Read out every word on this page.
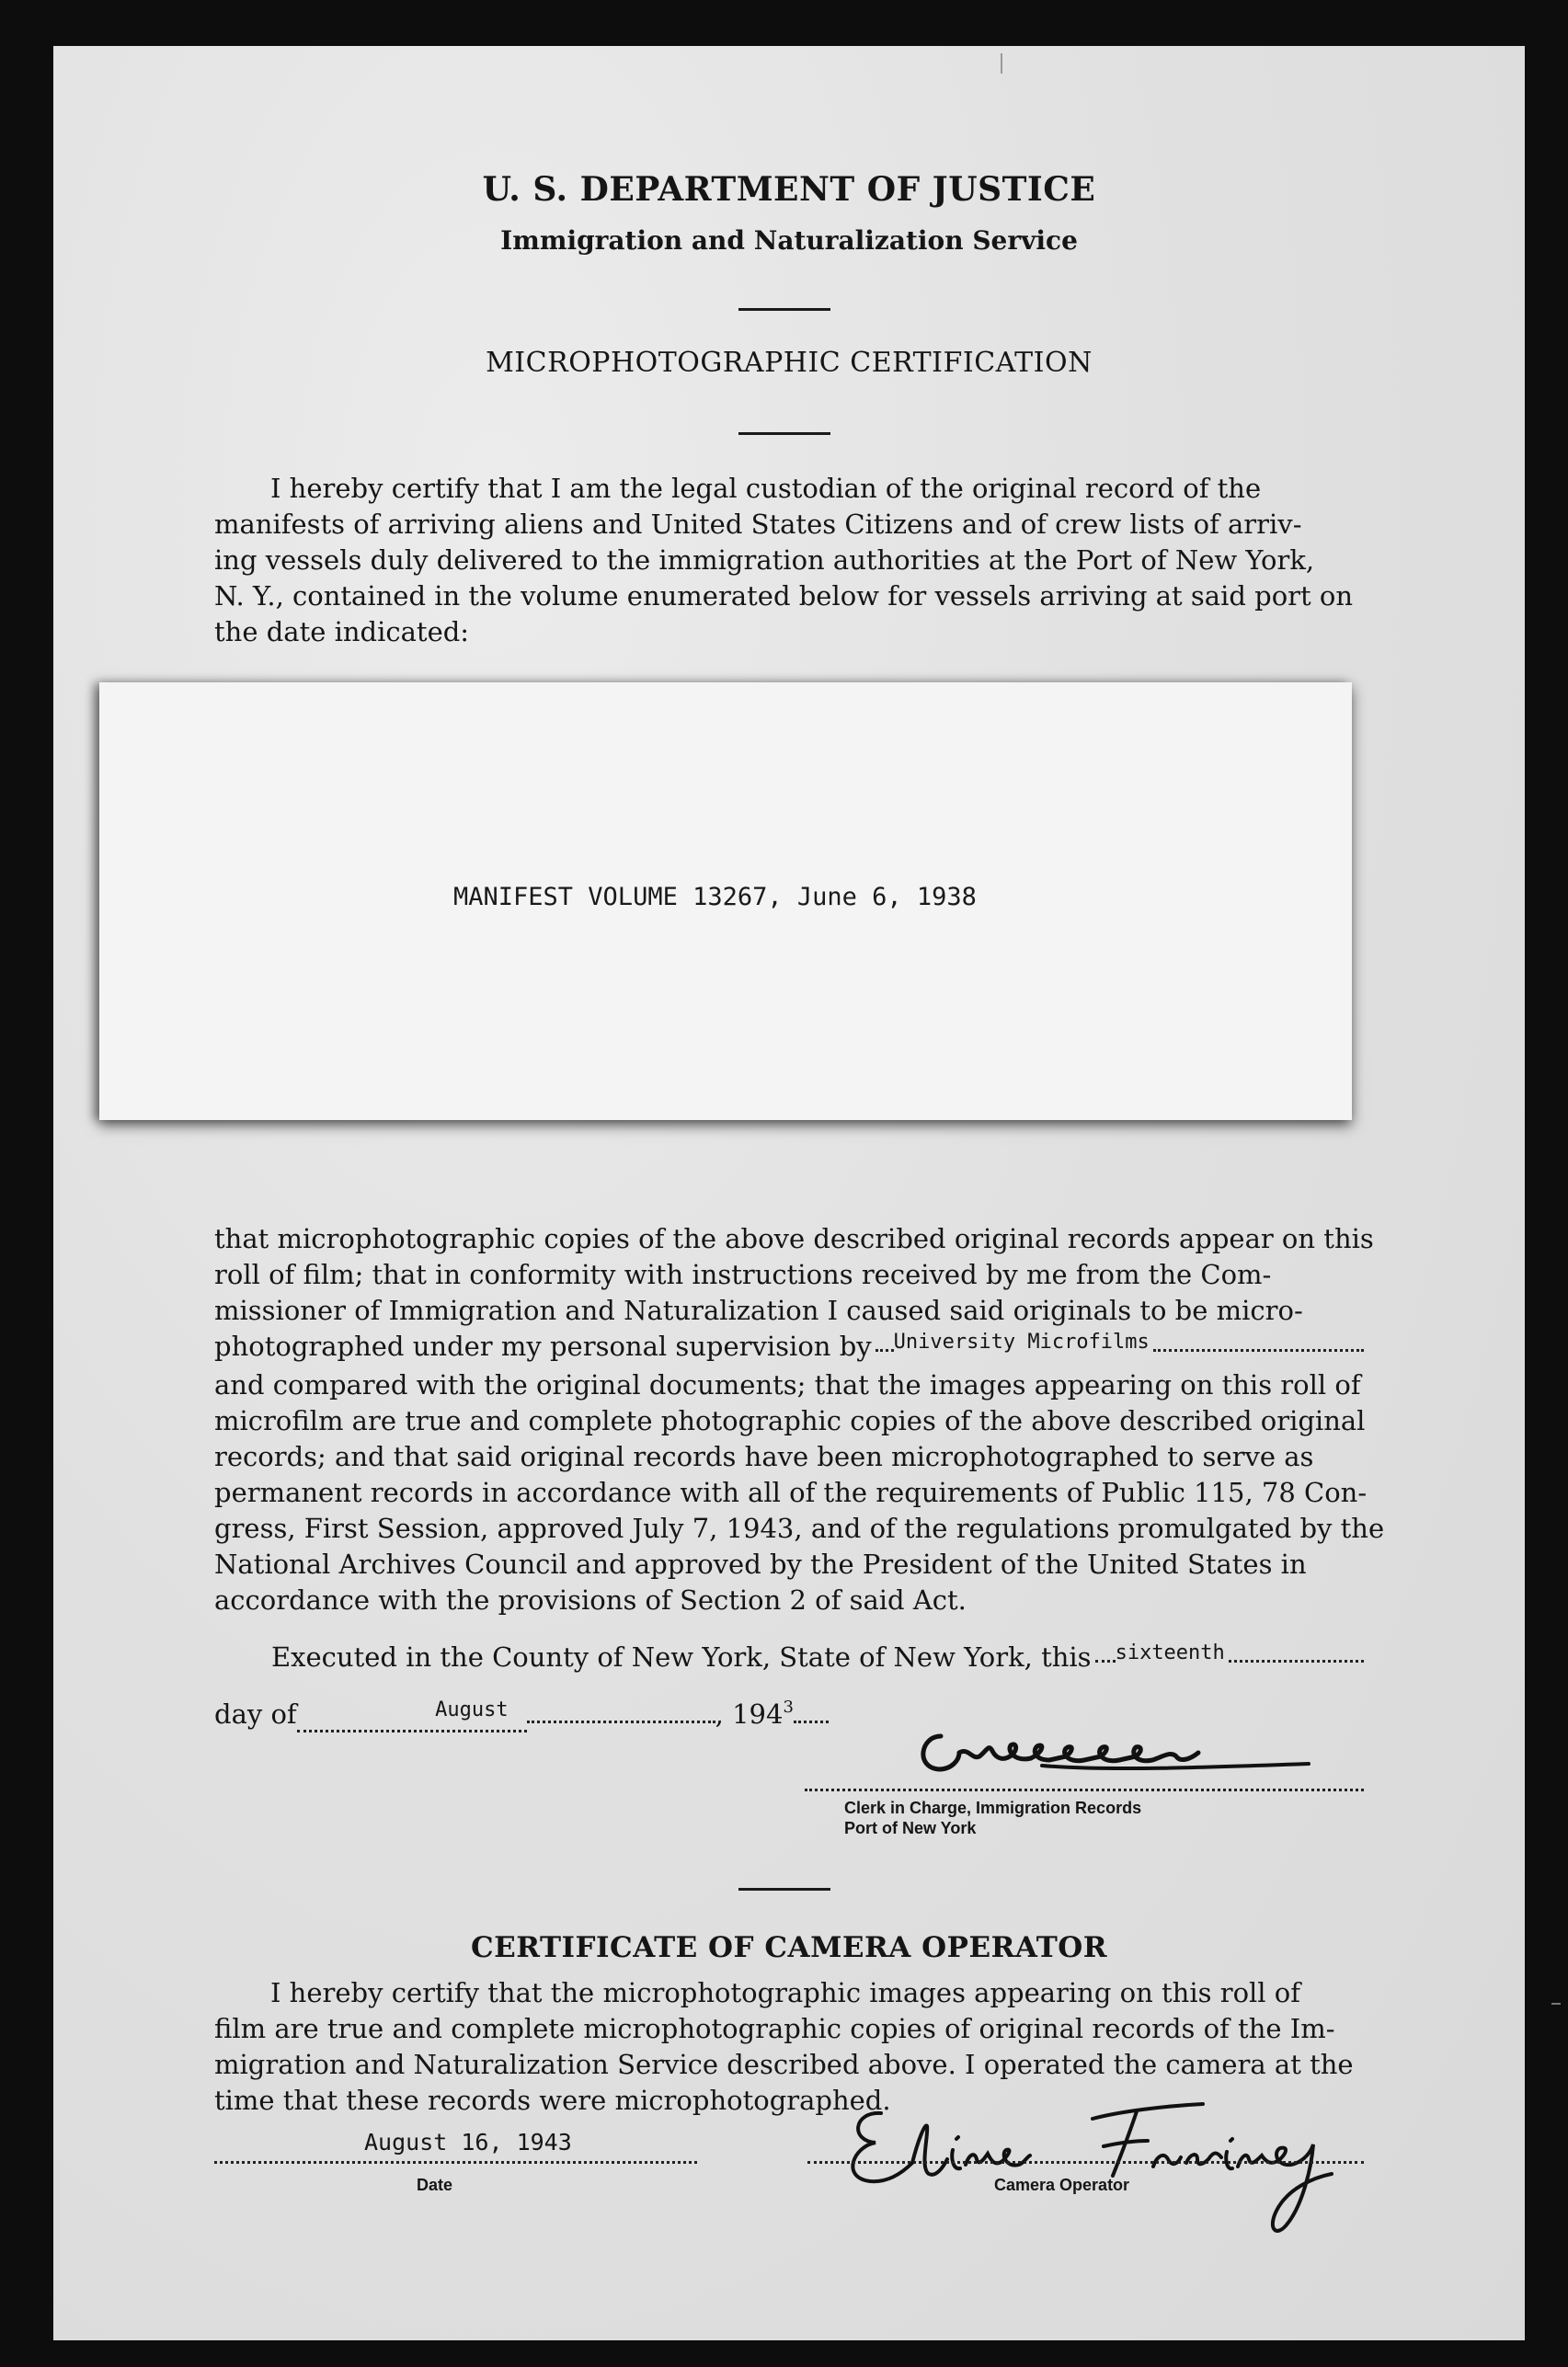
U. S. DEPARTMENT OF JUSTICE
Immigration and Naturalization Service
MICROPHOTOGRAPHIC CERTIFICATION
I hereby certify that I am the legal custodian of the original record of the
manifests of arriving aliens and United States Citizens and of crew lists of arriv-
ing vessels duly delivered to the immigration authorities at the Port of New York,
N. Y., contained in the volume enumerated below for vessels arriving at said port on
the date indicated:
MANIFEST VOLUME 13267, June 6, 1938
that microphotographic copies of the above described original records appear on this
roll of film; that in conformity with instructions received by me from the Com-
missioner of Immigration and Naturalization I caused said originals to be micro-
photographed under my personal supervision by University Microfilms
and compared with the original documents; that the images appearing on this roll of
microfilm are true and complete photographic copies of the above described original
records; and that said original records have been microphotographed to serve as
permanent records in accordance with all of the requirements of Public 115, 78 Con-
gress, First Session, approved July 7, 1943, and of the regulations promulgated by the
National Archives Council and approved by the President of the United States in
accordance with the provisions of Section 2 of said Act.
Executed in the County of New York, State of New York, this sixteenth
day of	$^{August}$	, 194 3
Clerk in Charge, Immigration Records
Port of New York
CERTIFICATE OF CAMERA OPERATOR
I hereby certify that the microphotographic images appearing on this roll of
film are true and complete microphotographic copies of original records of the Im-
migration and Naturalization Service described above. I operated the camera at the
time that these records were microphotographed.
August 16, 1943
Date	Camera Operator
